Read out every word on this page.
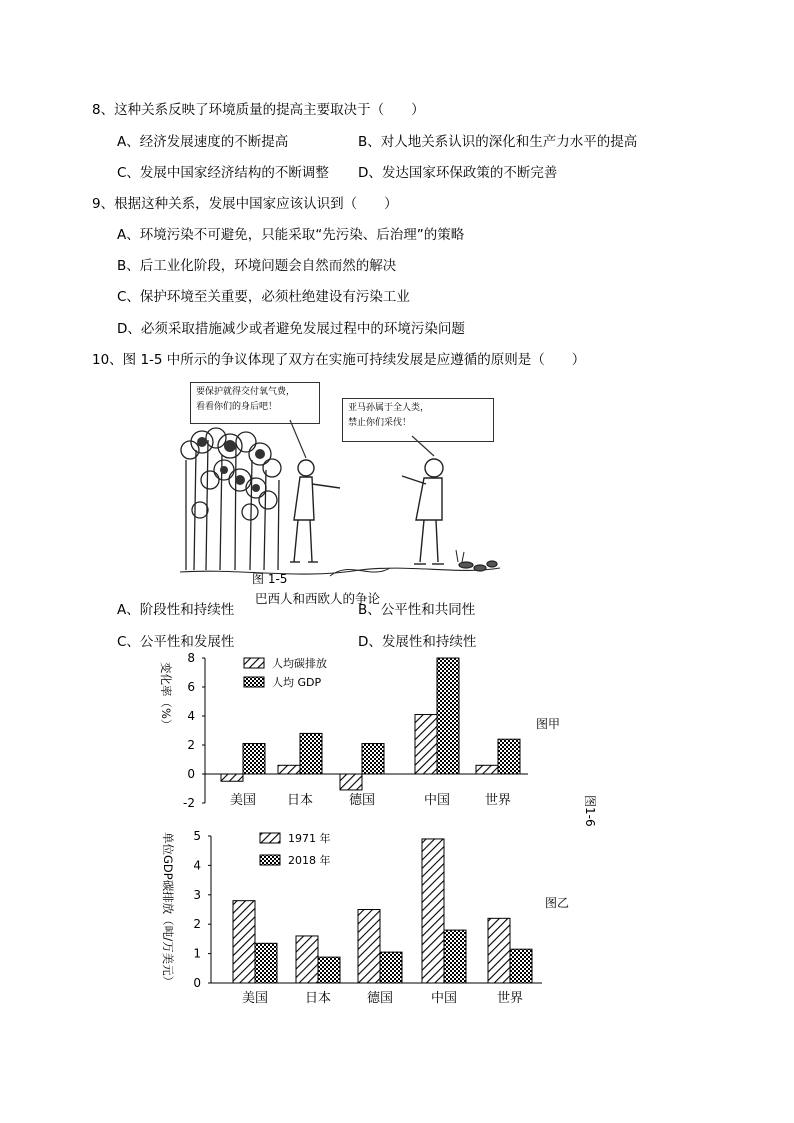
8、这种关系反映了环境质量的提高主要取决于（　　）
A、经济发展速度的不断提高	B、对人地关系认识的深化和生产力水平的提高
C、发展中国家经济结构的不断调整 D、发达国家环保政策的不断完善
9、根据这种关系，发展中国家应该认识到（　　）
A、环境污染不可避免，只能采取“先污染、后治理”的策略
B、后工业化阶段，环境问题会自然而然的解决
C、保护环境至关重要，必须杜绝建设有污染工业
D、必须采取措施减少或者避免发展过程中的环境污染问题
10、图 1-5 中所示的争议体现了双方在实施可持续发展是应遵循的原则是（　　）
要保护就得交付氧气费，
看看你们的身后吧！	亚马孙属于全人类，
禁止你们采伐！
图 1-5
巴西人和西欧人的争论
A、阶段性和持续性	B、公平性和共同性
C、公平性和发展性	D、发展性和持续性
8
6
4
2
0
-2
人均碳排放
人均 GDP
美国 日本	德国	中国	世界
图甲
变化率（%）
5
4
3
2
1
0
1971 年
2018 年
美国	日本	德国	中国	世界
图乙
单位GDP碳排放（吨/万美元）
图1-6
